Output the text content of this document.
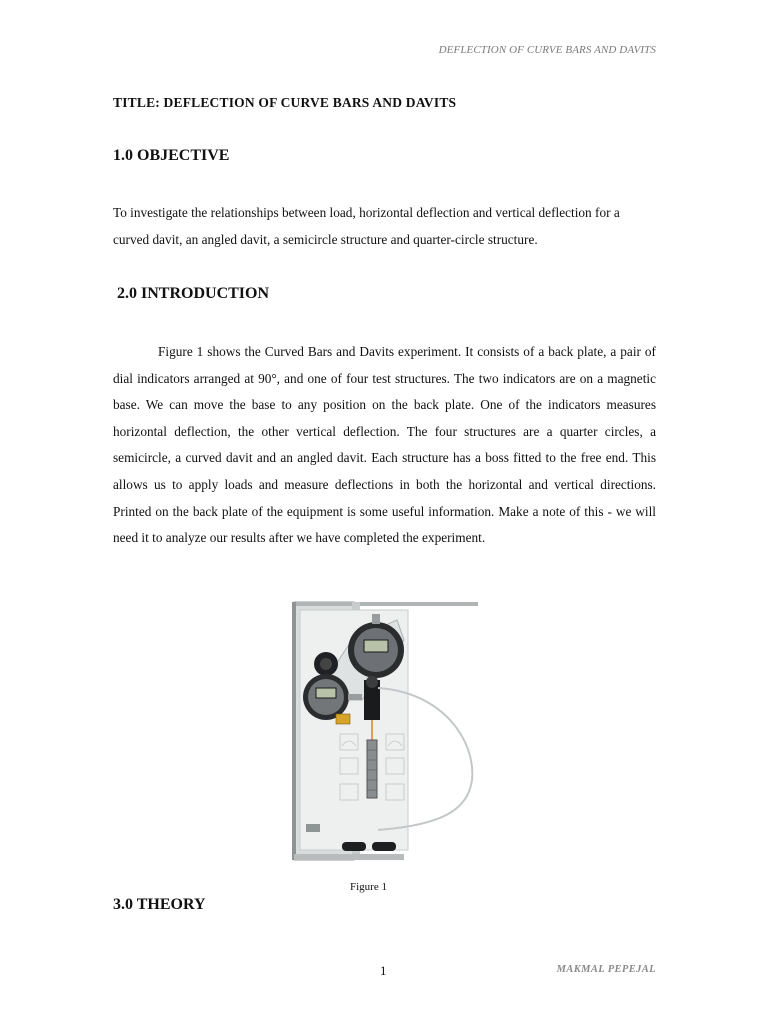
DEFLECTION OF CURVE BARS AND DAVITS
TITLE: DEFLECTION OF CURVE BARS AND DAVITS
1.0 OBJECTIVE
To investigate the relationships between load, horizontal deflection and vertical deflection for a curved davit, an angled davit, a semicircle structure and quarter-circle structure.
2.0 INTRODUCTION
Figure 1 shows the Curved Bars and Davits experiment. It consists of a back plate, a pair of dial indicators arranged at 90°, and one of four test structures. The two indicators are on a magnetic base. We can move the base to any position on the back plate. One of the indicators measures horizontal deflection, the other vertical deflection. The four structures are a quarter circles, a semicircle, a curved davit and an angled davit. Each structure has a boss fitted to the free end. This allows us to apply loads and measure deflections in both the horizontal and vertical directions. Printed on the back plate of the equipment is some useful information. Make a note of this - we will need it to analyze our results after we have completed the experiment.
Figure 1
3.0 THEORY
1	MAKMAL PEPEJAL
